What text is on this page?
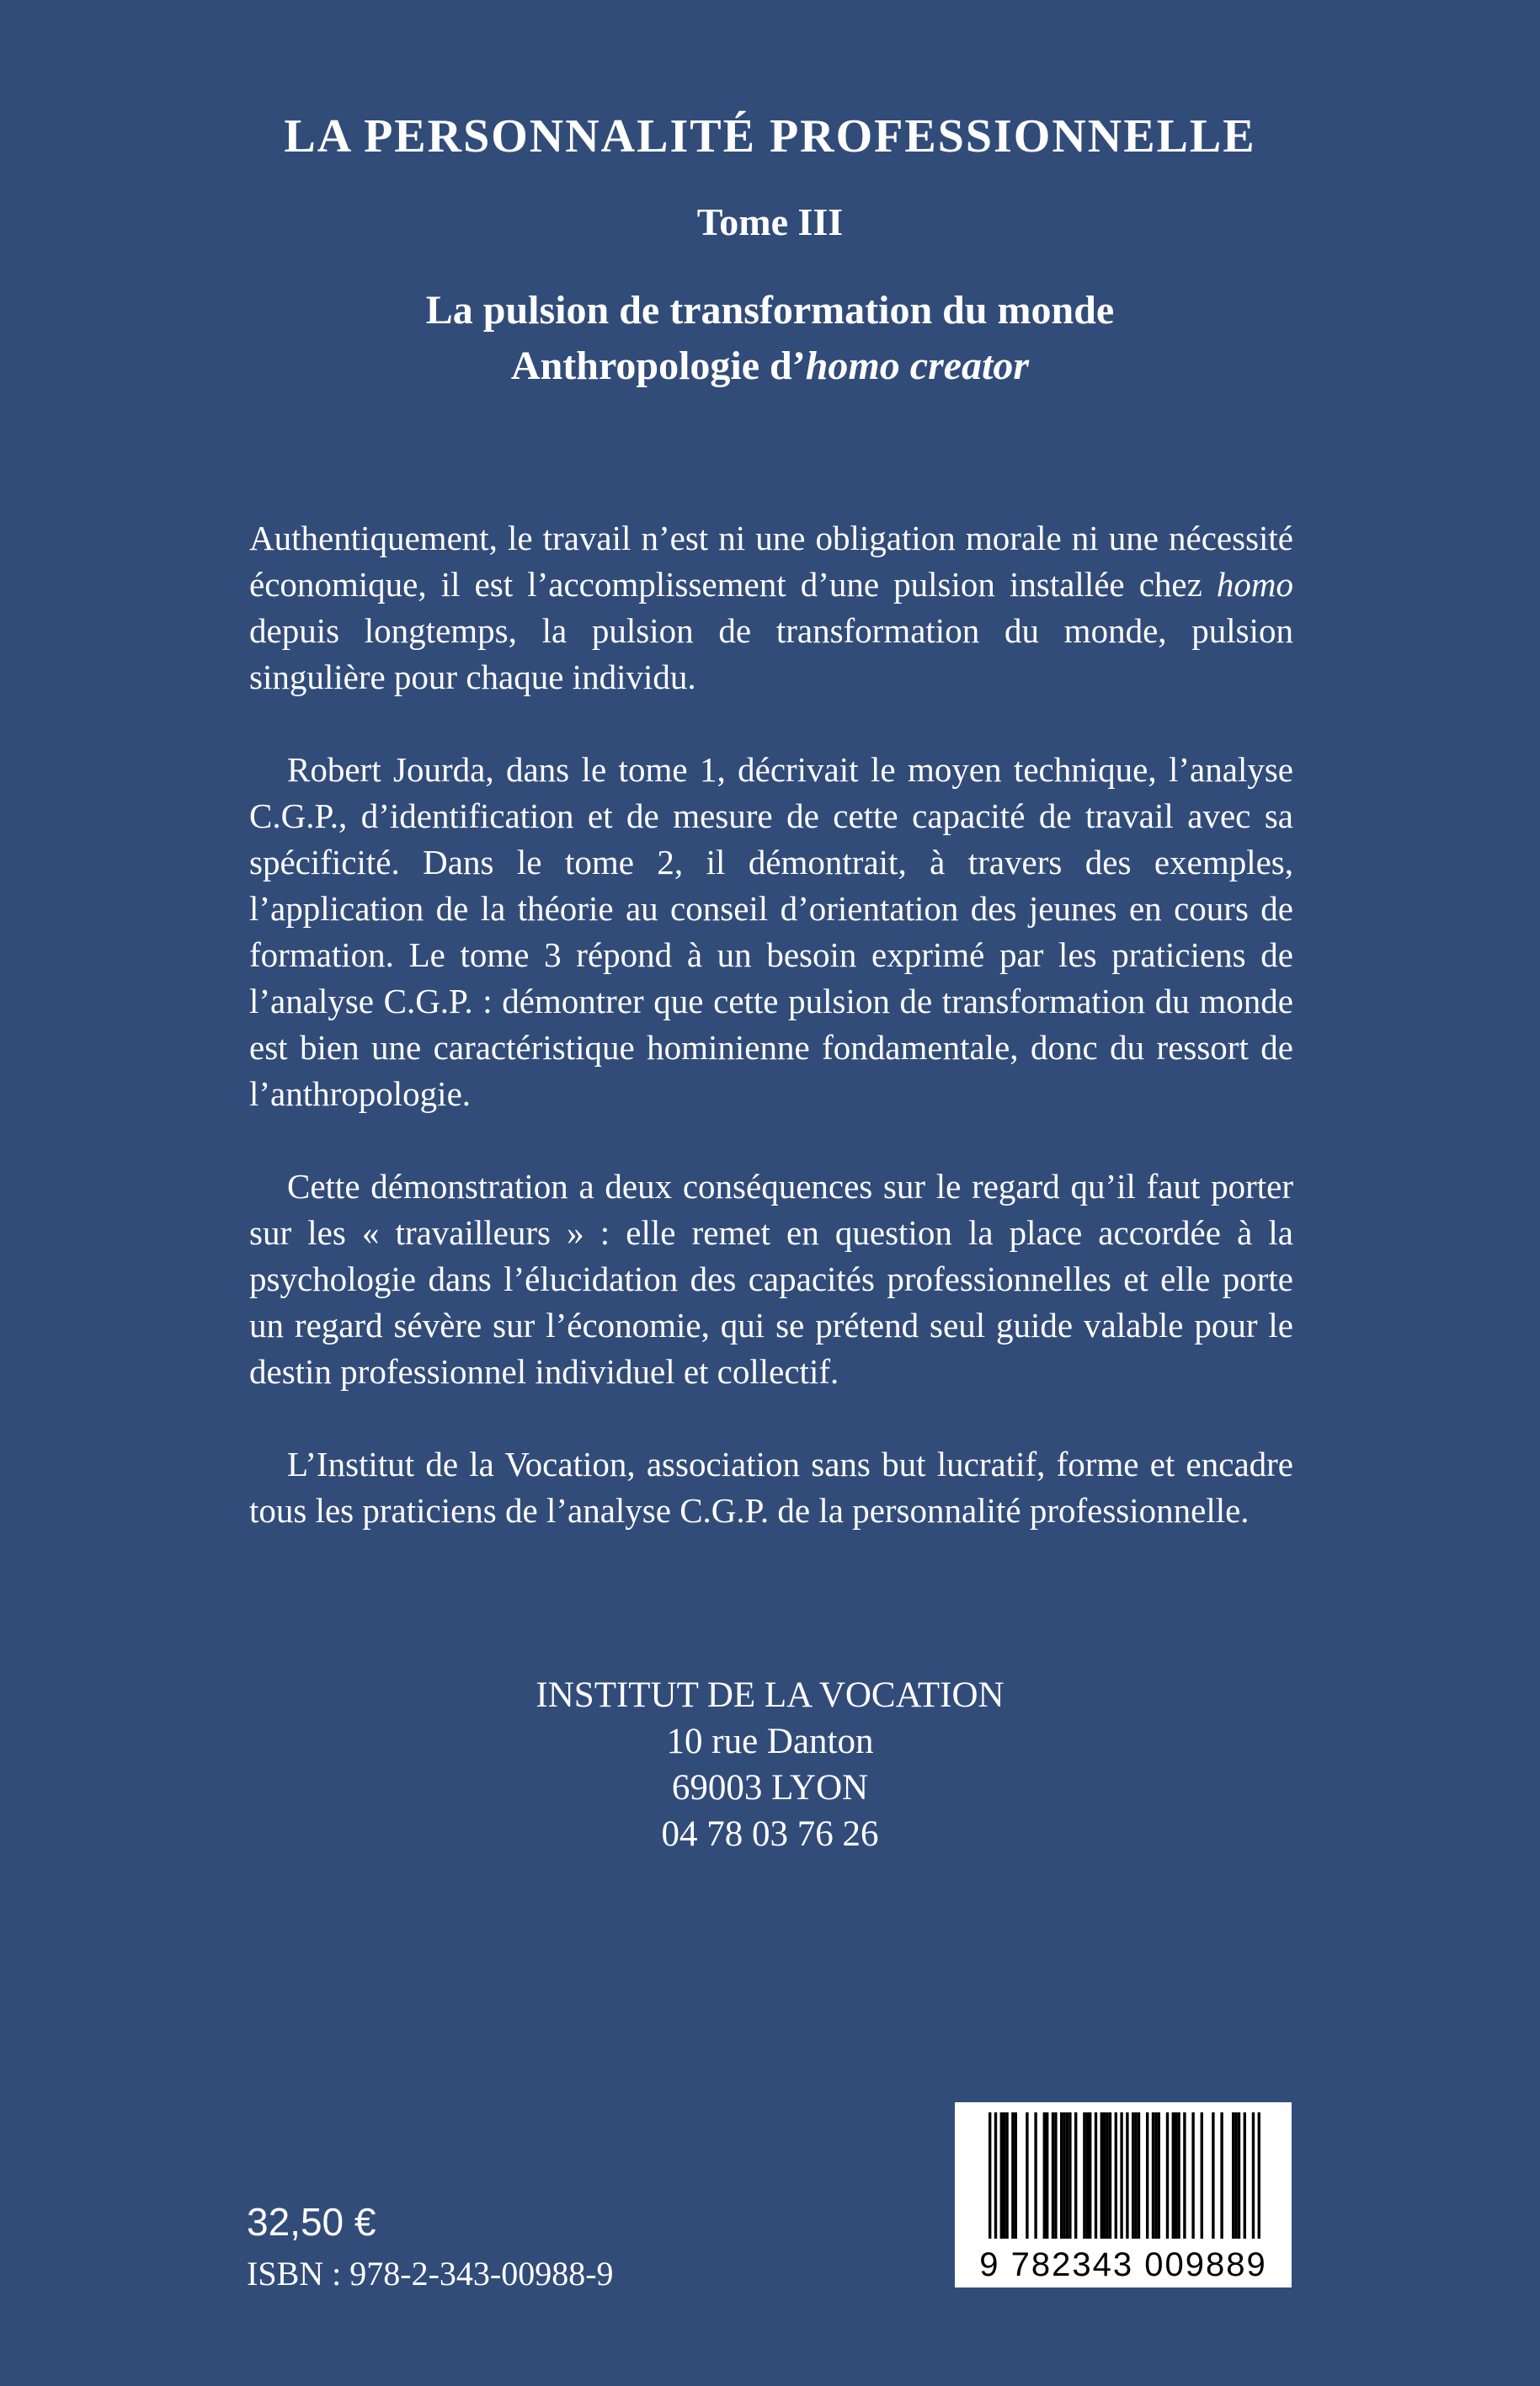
LA PERSONNALITÉ PROFESSIONNELLE
Tome III
La pulsion de transformation du monde
Anthropologie d’homo creator

Authentiquement, le travail n’est ni une obligation morale ni une nécessité économique, il est l’accomplissement d’une pulsion installée chez homo depuis longtemps, la pulsion de transformation du monde, pulsion singulière pour chaque individu.

Robert Jourda, dans le tome 1, décrivait le moyen technique, l’analyse C.G.P., d’identification et de mesure de cette capacité de travail avec sa spécificité. Dans le tome 2, il démontrait, à travers des exemples, l’application de la théorie au conseil d’orientation des jeunes en cours de formation. Le tome 3 répond à un besoin exprimé par les praticiens de l’analyse C.G.P. : démontrer que cette pulsion de transformation du monde est bien une caractéristique hominienne fondamentale, donc du ressort de l’anthropologie.

Cette démonstration a deux conséquences sur le regard qu’il faut porter sur les « travailleurs » : elle remet en question la place accordée à la psychologie dans l’élucidation des capacités professionnelles et elle porte un regard sévère sur l’économie, qui se prétend seul guide valable pour le destin professionnel individuel et collectif.

L’Institut de la Vocation, association sans but lucratif, forme et encadre tous les praticiens de l’analyse C.G.P. de la personnalité professionnelle.

INSTITUT DE LA VOCATION
10 rue Danton
69003 LYON
04 78 03 76 26
32,50 €
ISBN : 978-2-343-00988-9	9 782343 009889
